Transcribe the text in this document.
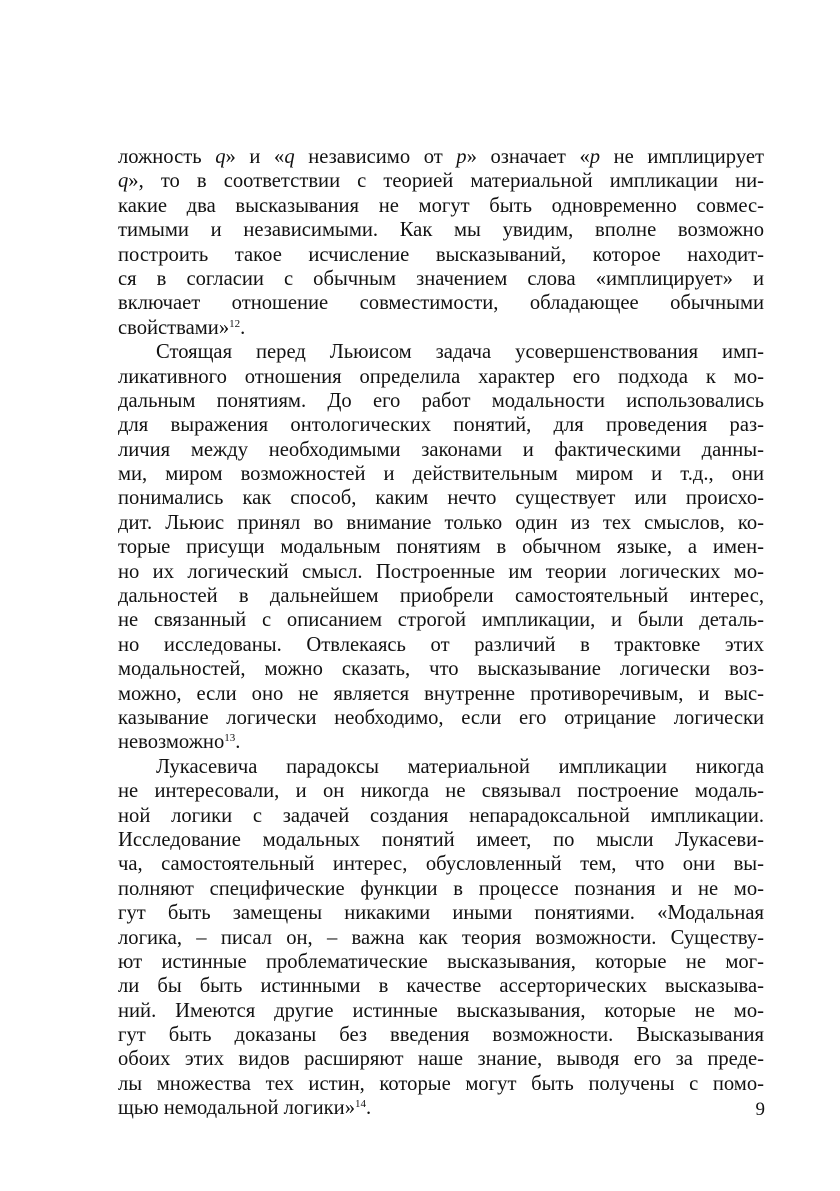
ложность q» и «q независимо от p» означает «p не имплицирует
q», то в соответствии с теорией материальной импликации ни-
какие два высказывания не могут быть одновременно совмес-
тимыми и независимыми. Как мы увидим, вполне возможно
построить такое исчисление высказываний, которое находит-
ся в согласии с обычным значением слова «имплицирует» и
включает отношение совместимости, обладающее обычными
свойствами»$^{12}$.
Стоящая перед Льюисом задача усовершенствования имп-
ликативного отношения определила характер его подхода к мо-
дальным понятиям. До его работ модальности использовались
для выражения онтологических понятий, для проведения раз-
личия между необходимыми законами и фактическими данны-
ми, миром возможностей и действительным миром и т.д., они
понимались как способ, каким нечто существует или происхо-
дит. Льюис принял во внимание только один из тех смыслов, ко-
торые присущи модальным понятиям в обычном языке, а имен-
но их логический смысл. Построенные им теории логических мо-
дальностей в дальнейшем приобрели самостоятельный интерес,
не связанный с описанием строгой импликации, и были деталь-
но исследованы. Отвлекаясь от различий в трактовке этих
модальностей, можно сказать, что высказывание логически воз-
можно, если оно не является внутренне противоречивым, и выс-
казывание логически необходимо, если его отрицание логически
невозможно$^{13}$.
Лукасевича парадоксы материальной импликации никогда
не интересовали, и он никогда не связывал построение модаль-
ной логики с задачей создания непарадоксальной импликации.
Исследование модальных понятий имеет, по мысли Лукасеви-
ча, самостоятельный интерес, обусловленный тем, что они вы-
полняют специфические функции в процессе познания и не мо-
гут быть замещены никакими иными понятиями. «Модальная
логика, – писал он, – важна как теория возможности. Существу-
ют истинные проблематические высказывания, которые не мог-
ли бы быть истинными в качестве ассерторических высказыва-
ний. Имеются другие истинные высказывания, которые не мо-
гут быть доказаны без введения возможности. Высказывания
обоих этих видов расширяют наше знание, выводя его за преде-
лы множества тех истин, которые могут быть получены с помо-
щью немодальной логики»$^{14}$.	9
